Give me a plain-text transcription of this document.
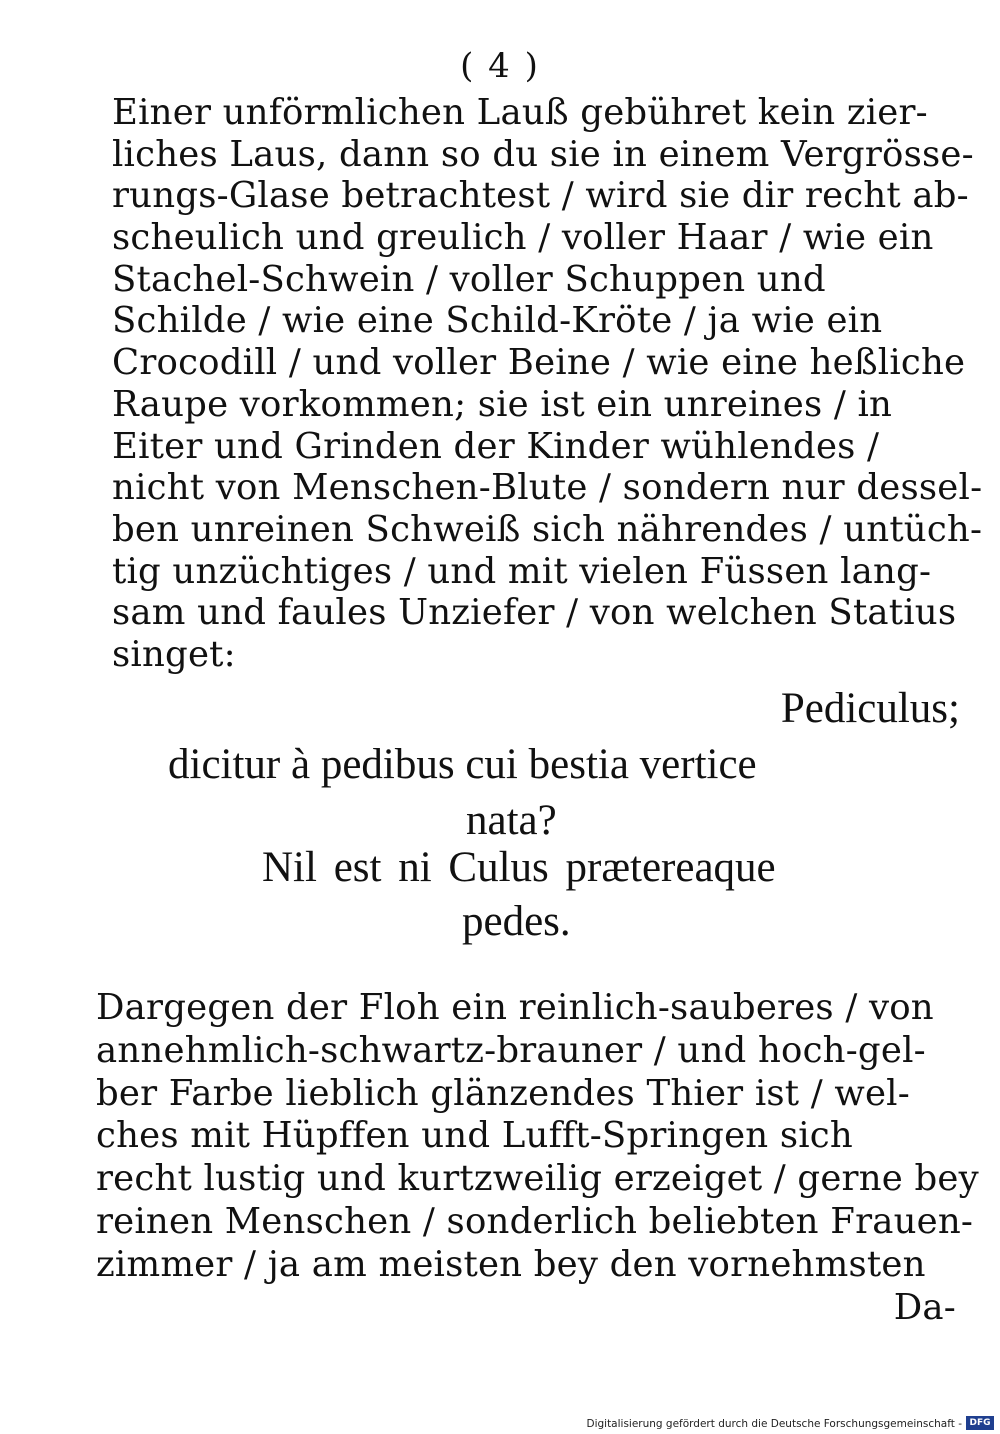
( 4 )
Einer unförmlichen Lauß gebühret kein zier-
liches Laus, dann so du sie in einem Vergrösse-
rungs-Glase betrachtest / wird sie dir recht ab-
scheulich und greulich / voller Haar / wie ein
Stachel-Schwein / voller Schuppen und
Schilde / wie eine Schild-Kröte / ja wie ein
Crocodill / und voller Beine / wie eine heßliche
Raupe vorkommen; sie ist ein unreines / in
Eiter und Grinden der Kinder wühlendes /
nicht von Menschen-Blute / sondern nur dessel-
ben unreinen Schweiß sich nährendes / untüch-
tig unzüchtiges / und mit vielen Füssen lang-
sam und faules Unziefer / von welchen Statius
singet:
Pediculus;
dicitur à pedibus cui bestia vertice
nata?
Nil est ni Culus prætereaque
pedes.
Dargegen der Floh ein reinlich-sauberes / von
annehmlich-schwartz-brauner / und hoch-gel-
ber Farbe lieblich glänzendes Thier ist / wel-
ches mit Hüpffen und Lufft-Springen sich
recht lustig und kurtzweilig erzeiget / gerne bey
reinen Menschen / sonderlich beliebten Frauen-
zimmer / ja am meisten bey den vornehmsten
Da-
Digitalisierung gefördert durch die Deutsche Forschungsgemeinschaft - DFG
